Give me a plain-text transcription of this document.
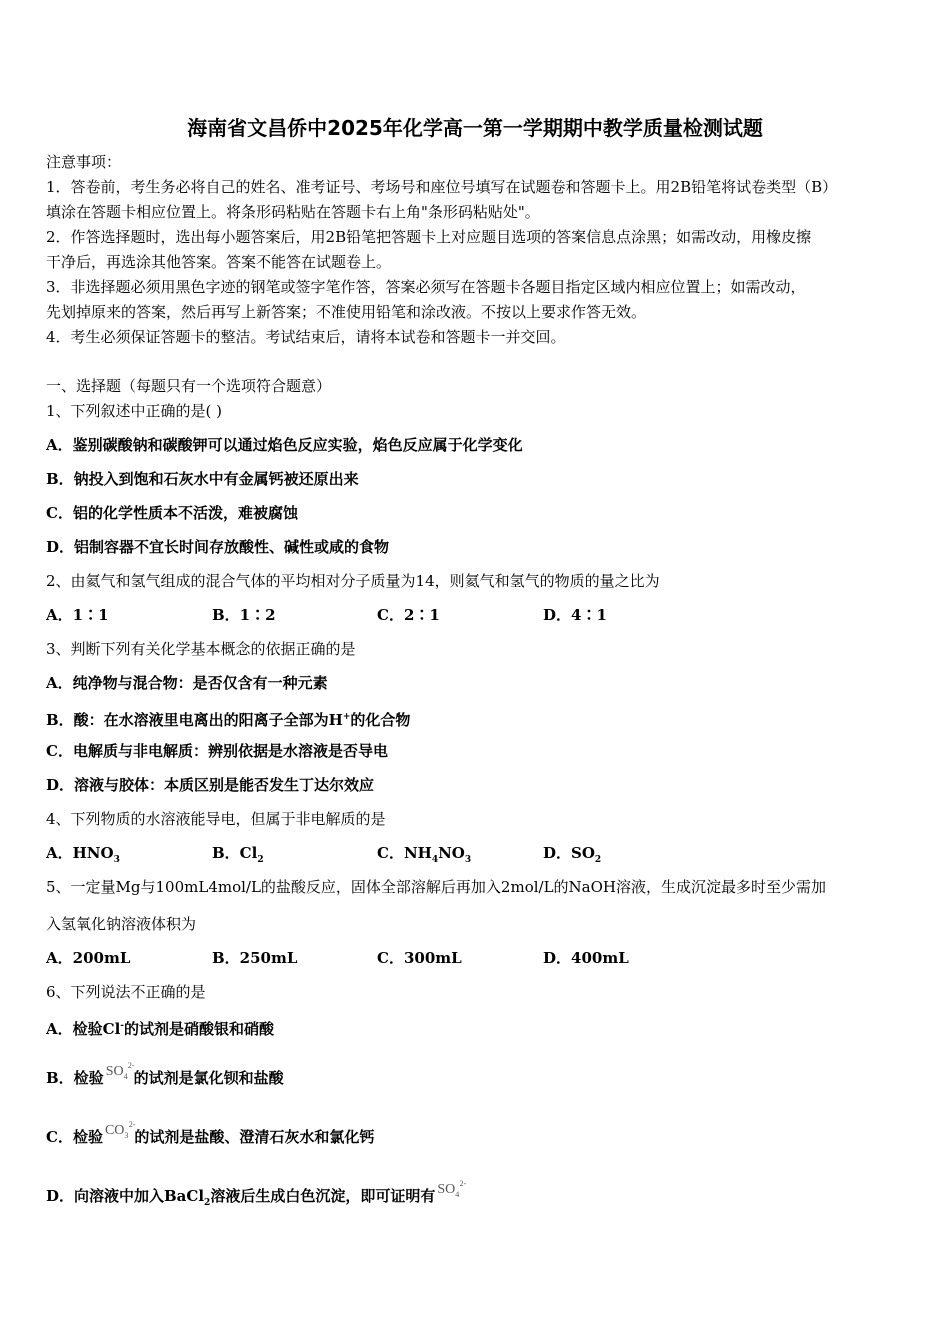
海南省文昌侨中2025年化学高一第一学期期中教学质量检测试题
注意事项：
1．答卷前，考生务必将自己的姓名、准考证号、考场号和座位号填写在试题卷和答题卡上。用2B铅笔将试卷类型（B）
填涂在答题卡相应位置上。将条形码粘贴在答题卡右上角"条形码粘贴处"。
2．作答选择题时，选出每小题答案后，用2B铅笔把答题卡上对应题目选项的答案信息点涂黑；如需改动，用橡皮擦
干净后，再选涂其他答案。答案不能答在试题卷上。
3．非选择题必须用黑色字迹的钢笔或签字笔作答，答案必须写在答题卡各题目指定区域内相应位置上；如需改动，
先划掉原来的答案，然后再写上新答案；不准使用铅笔和涂改液。不按以上要求作答无效。
4．考生必须保证答题卡的整洁。考试结束后，请将本试卷和答题卡一并交回。
一、选择题（每题只有一个选项符合题意）
1、下列叙述中正确的是( )
A．鉴别碳酸钠和碳酸钾可以通过焰色反应实验，焰色反应属于化学变化
B．钠投入到饱和石灰水中有金属钙被还原出来
C．铝的化学性质本不活泼，难被腐蚀
D．铝制容器不宜长时间存放酸性、碱性或咸的食物
2、由氦气和氢气组成的混合气体的平均相对分子质量为14，则氦气和氢气的物质的量之比为
A．1∶1	B．1∶2	C．2∶1	D．4∶1
3、判断下列有关化学基本概念的依据正确的是
A．纯净物与混合物：是否仅含有一种元素
B．酸：在水溶液里电离出的阳离子全部为H+的化合物
C．电解质与非电解质：辨别依据是水溶液是否导电
D．溶液与胶体：本质区别是能否发生丁达尔效应
4、下列物质的水溶液能导电，但属于非电解质的是
A．$HNO_3$	B．$Cl_2$	C．$NH_4NO_3$	D．$SO_2$
5、一定量Mg与100mL4mol/L的盐酸反应，固体全部溶解后再加入2mol/L的NaOH溶液，生成沉淀最多时至少需加
入氢氧化钠溶液体积为
A．200mL	B．250mL	C．300mL	D．400mL
6、下列说法不正确的是
A．检验Cl-的试剂是硝酸银和硝酸
B．检验 $SO_4$
2-
的试剂是氯化钡和盐酸
C．检验 $CO_3$
2-
的试剂是盐酸、澄清石灰水和氯化钙
D．向溶液中加入BaCl$_2$溶液后生成白色沉淀，即可证明有 $SO_4$
2-
